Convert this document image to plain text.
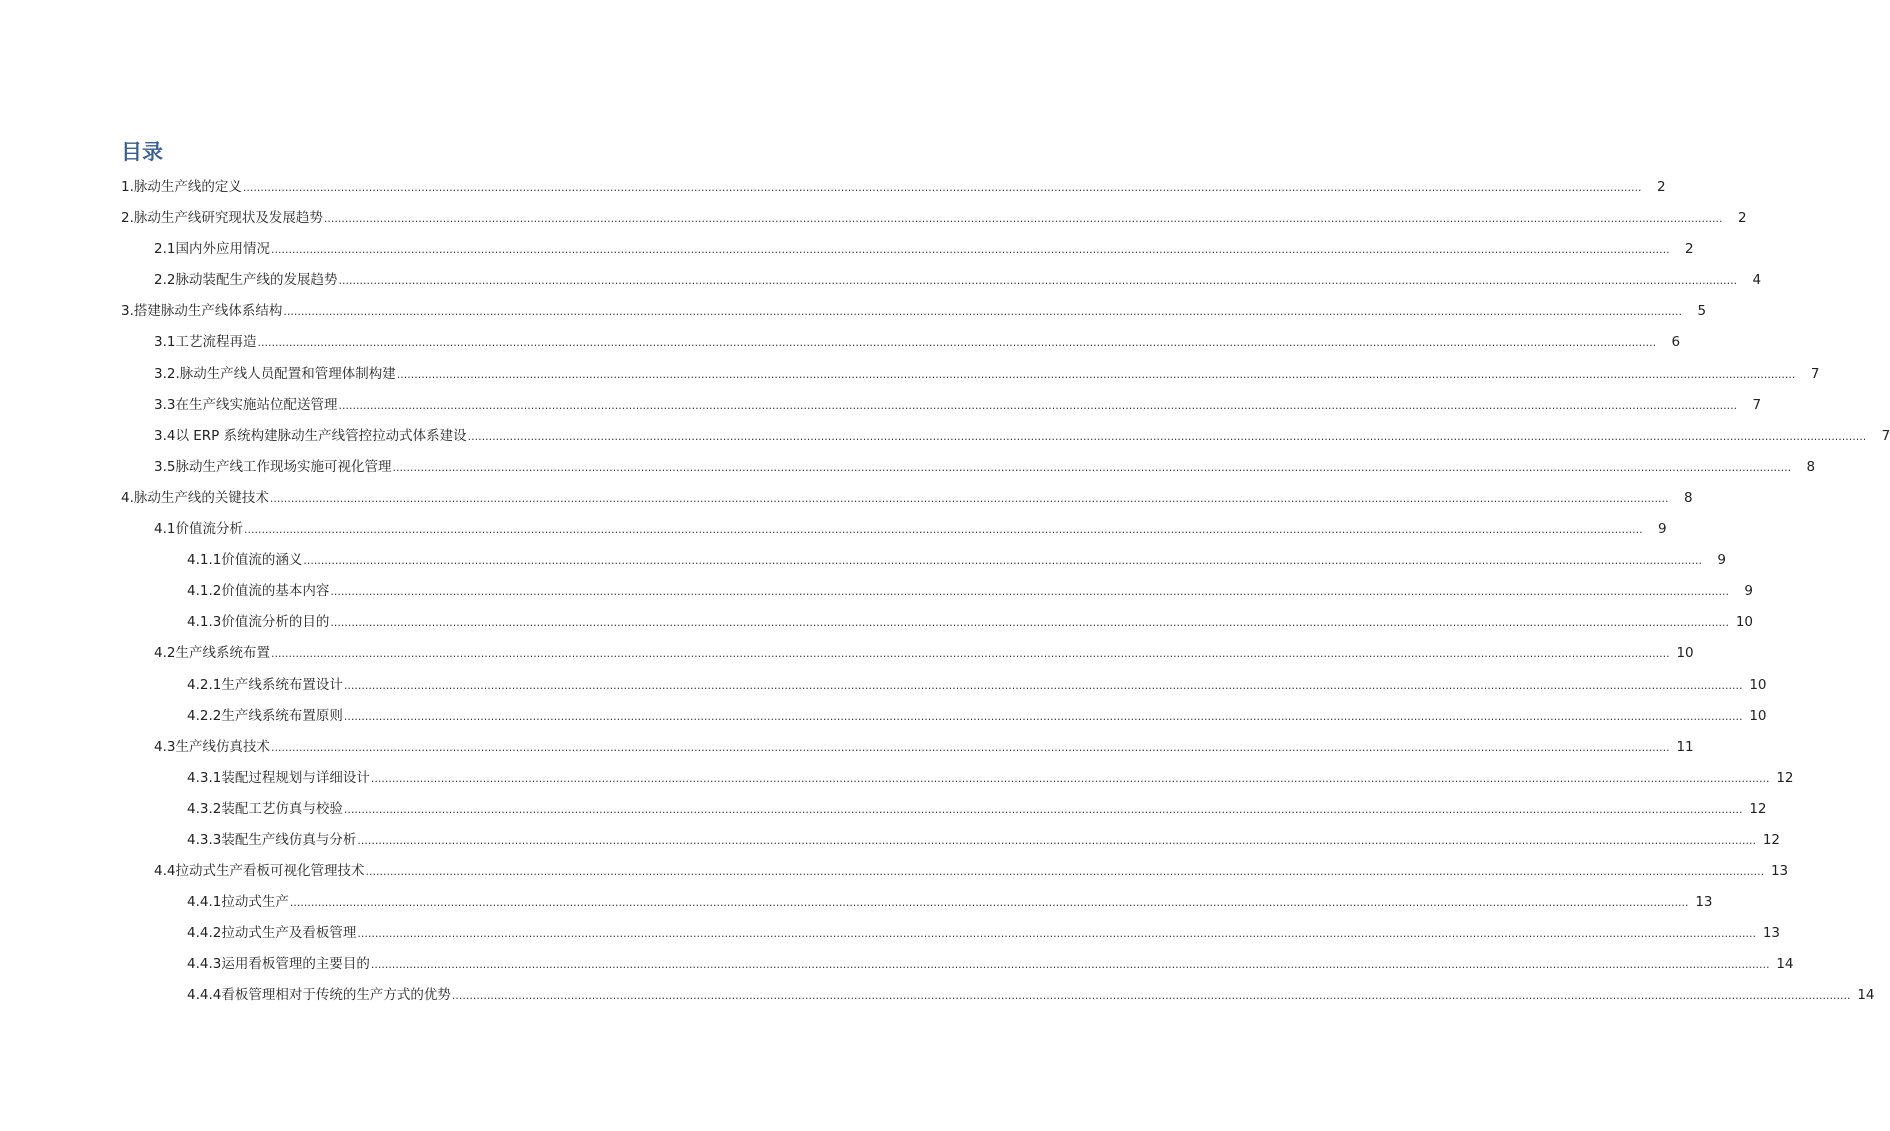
目录
1. 脉动生产线的定义 ................................................................................................................................................................................................................................................................................................................................................................................................................	2
2. 脉动生产线研究现状及发展趋势 ................................................................................................................................................................................................................................................................................................................................................................................................................	2
2.1 国内外应用情况 ................................................................................................................................................................................................................................................................................................................................................................................................................	2
2.2 脉动装配生产线的发展趋势 ................................................................................................................................................................................................................................................................................................................................................................................................................	4
3. 搭建脉动生产线体系结构 ................................................................................................................................................................................................................................................................................................................................................................................................................	5
3.1 工艺流程再造 ................................................................................................................................................................................................................................................................................................................................................................................................................	6
3.2. 脉动生产线人员配置和管理体制构建 ................................................................................................................................................................................................................................................................................................................................................................................................................	7
3.3 在生产线实施站位配送管理 ................................................................................................................................................................................................................................................................................................................................................................................................................	7
3.4 以 ERP 系统构建脉动生产线管控拉动式体系建设 ................................................................................................................................................................................................................................................................................................................................................................................................................	7
3.5 脉动生产线工作现场实施可视化管理 ................................................................................................................................................................................................................................................................................................................................................................................................................	8
4. 脉动生产线的关键技术 ................................................................................................................................................................................................................................................................................................................................................................................................................	8
4.1 价值流分析 ................................................................................................................................................................................................................................................................................................................................................................................................................	9
4.1.1 价值流的涵义 ................................................................................................................................................................................................................................................................................................................................................................................................................	9
4.1.2 价值流的基本内容 ................................................................................................................................................................................................................................................................................................................................................................................................................	9
4.1.3 价值流分析的目的 ................................................................................................................................................................................................................................................................................................................................................................................................................ 10
4.2 生产线系统布置 ................................................................................................................................................................................................................................................................................................................................................................................................................ 10
4.2.1 生产线系统布置设计 ................................................................................................................................................................................................................................................................................................................................................................................................................ 10
4.2.2 生产线系统布置原则 ................................................................................................................................................................................................................................................................................................................................................................................................................ 10
4.3 生产线仿真技术 ................................................................................................................................................................................................................................................................................................................................................................................................................ 11
4.3.1 装配过程规划与详细设计 ................................................................................................................................................................................................................................................................................................................................................................................................................ 12
4.3.2 装配工艺仿真与校验 ................................................................................................................................................................................................................................................................................................................................................................................................................ 12
4.3.3 装配生产线仿真与分析 ................................................................................................................................................................................................................................................................................................................................................................................................................ 12
4.4 拉动式生产看板可视化管理技术 ................................................................................................................................................................................................................................................................................................................................................................................................................ 13
4.4.1 拉动式生产 ................................................................................................................................................................................................................................................................................................................................................................................................................ 13
4.4.2 拉动式生产及看板管理 ................................................................................................................................................................................................................................................................................................................................................................................................................ 13
4.4.3 运用看板管理的主要目的 ................................................................................................................................................................................................................................................................................................................................................................................................................ 14
4.4.4 看板管理相对于传统的生产方式的优势 ................................................................................................................................................................................................................................................................................................................................................................................................................ 14
